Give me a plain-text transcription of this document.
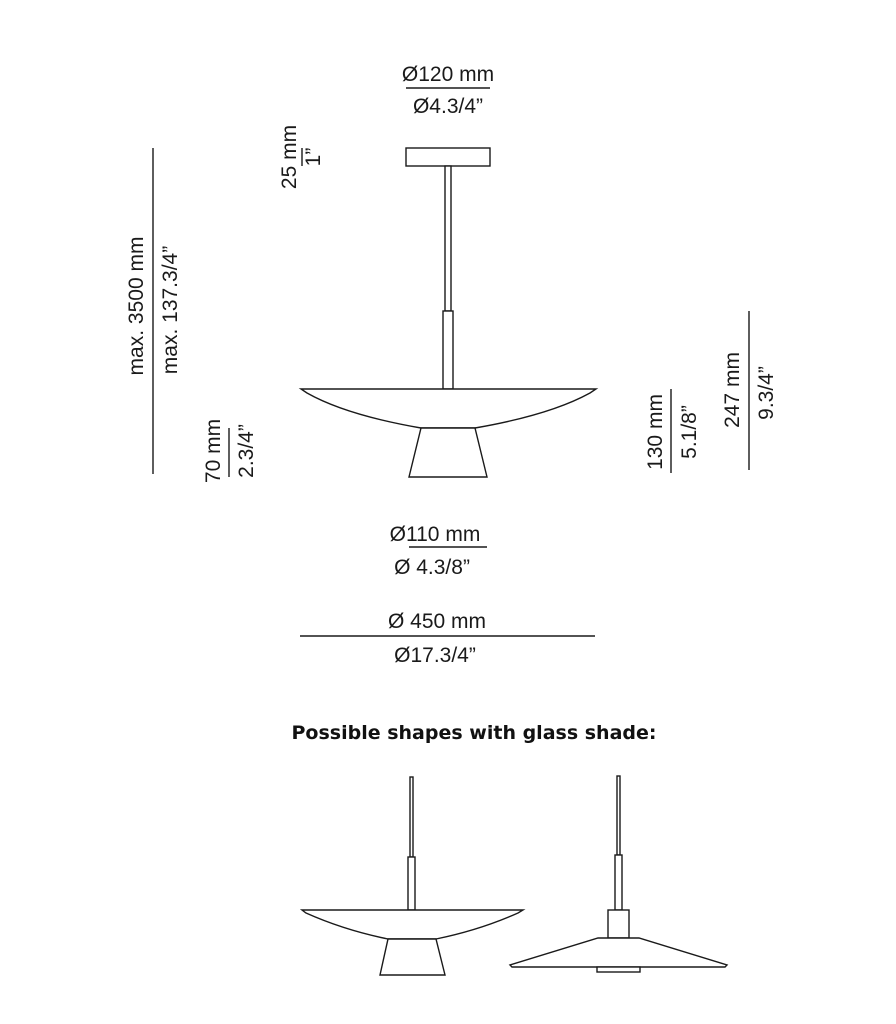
Ø120 mm
Ø4.3/4”
25 mm 1”
max. 3500 mm max. 137.3/4”
70 mm 2.3/4”	130 mm 5.1/8”
247 mm 9.3/4”
Ø110 mm
Ø 4.3/8”
Ø 450 mm
Ø17.3/4”
Possible shapes with glass shade:
